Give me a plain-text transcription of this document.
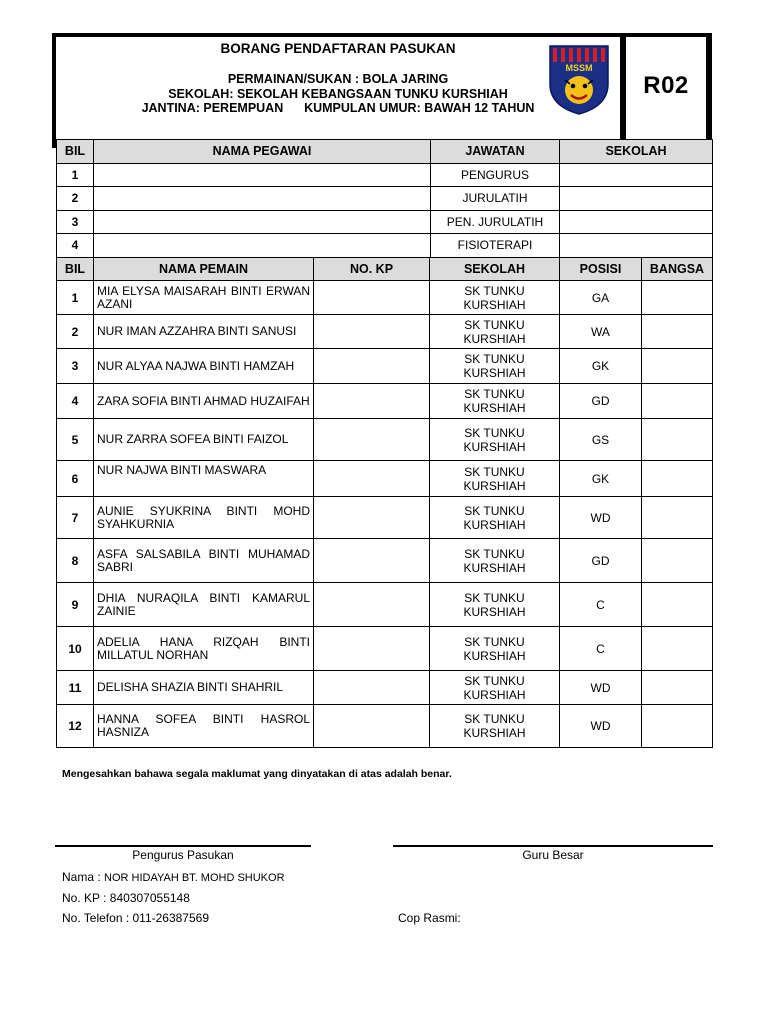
BORANG PENDAFTARAN PASUKAN
PERMAINAN/SUKAN : BOLA JARING
SEKOLAH: SEKOLAH KEBANGSAAN TUNKU KURSHIAH
JANTINA: PEREMPUAN KUMPULAN UMUR: BAWAH 12 TAHUN
MSSM
R02
BIL	NAMA PEGAWAI	JAWATAN	SEKOLAH
1		PENGURUS	
2		JURULATIH	
3		PEN. JURULATIH	
4		FISIOTERAPI	
BIL	NAMA PEMAIN	NO. KP	SEKOLAH	POSISI	BANGSA
1	MIA ELYSA MAISARAH BINTI ERWAN AZANI		SK TUNKU KURSHIAH	GA	
2	NUR IMAN AZZAHRA BINTI SANUSI		SK TUNKU KURSHIAH	WA	
3	NUR ALYAA NAJWA BINTI HAMZAH		SK TUNKU KURSHIAH	GK	
4	ZARA SOFIA BINTI AHMAD HUZAIFAH		SK TUNKU KURSHIAH	GD	
5	NUR ZARRA SOFEA BINTI FAIZOL		SK TUNKU KURSHIAH	GS	
6	NUR NAJWA BINTI MASWARA		SK TUNKU KURSHIAH	GK	
7	AUNIE SYUKRINA BINTI MOHD SYAHKURNIA		SK TUNKU KURSHIAH	WD	
8	ASFA SALSABILA BINTI MUHAMAD SABRI		SK TUNKU KURSHIAH	GD	
9	DHIA NURAQILA BINTI KAMARUL ZAINIE		SK TUNKU KURSHIAH	C	
10	ADELIA HANA RIZQAH BINTI MILLATUL NORHAN		SK TUNKU KURSHIAH	C	
11	DELISHA SHAZIA BINTI SHAHRIL		SK TUNKU KURSHIAH	WD	
12	HANNA SOFEA BINTI HASROL HASNIZA		SK TUNKU KURSHIAH	WD	
Mengesahkan bahawa segala maklumat yang dinyatakan di atas adalah benar.
Pengurus Pasukan	Guru Besar
Nama : NOR HIDAYAH BT. MOHD SHUKOR
No. KP : 840307055148
No. Telefon : 011-26387569	Cop Rasmi:
